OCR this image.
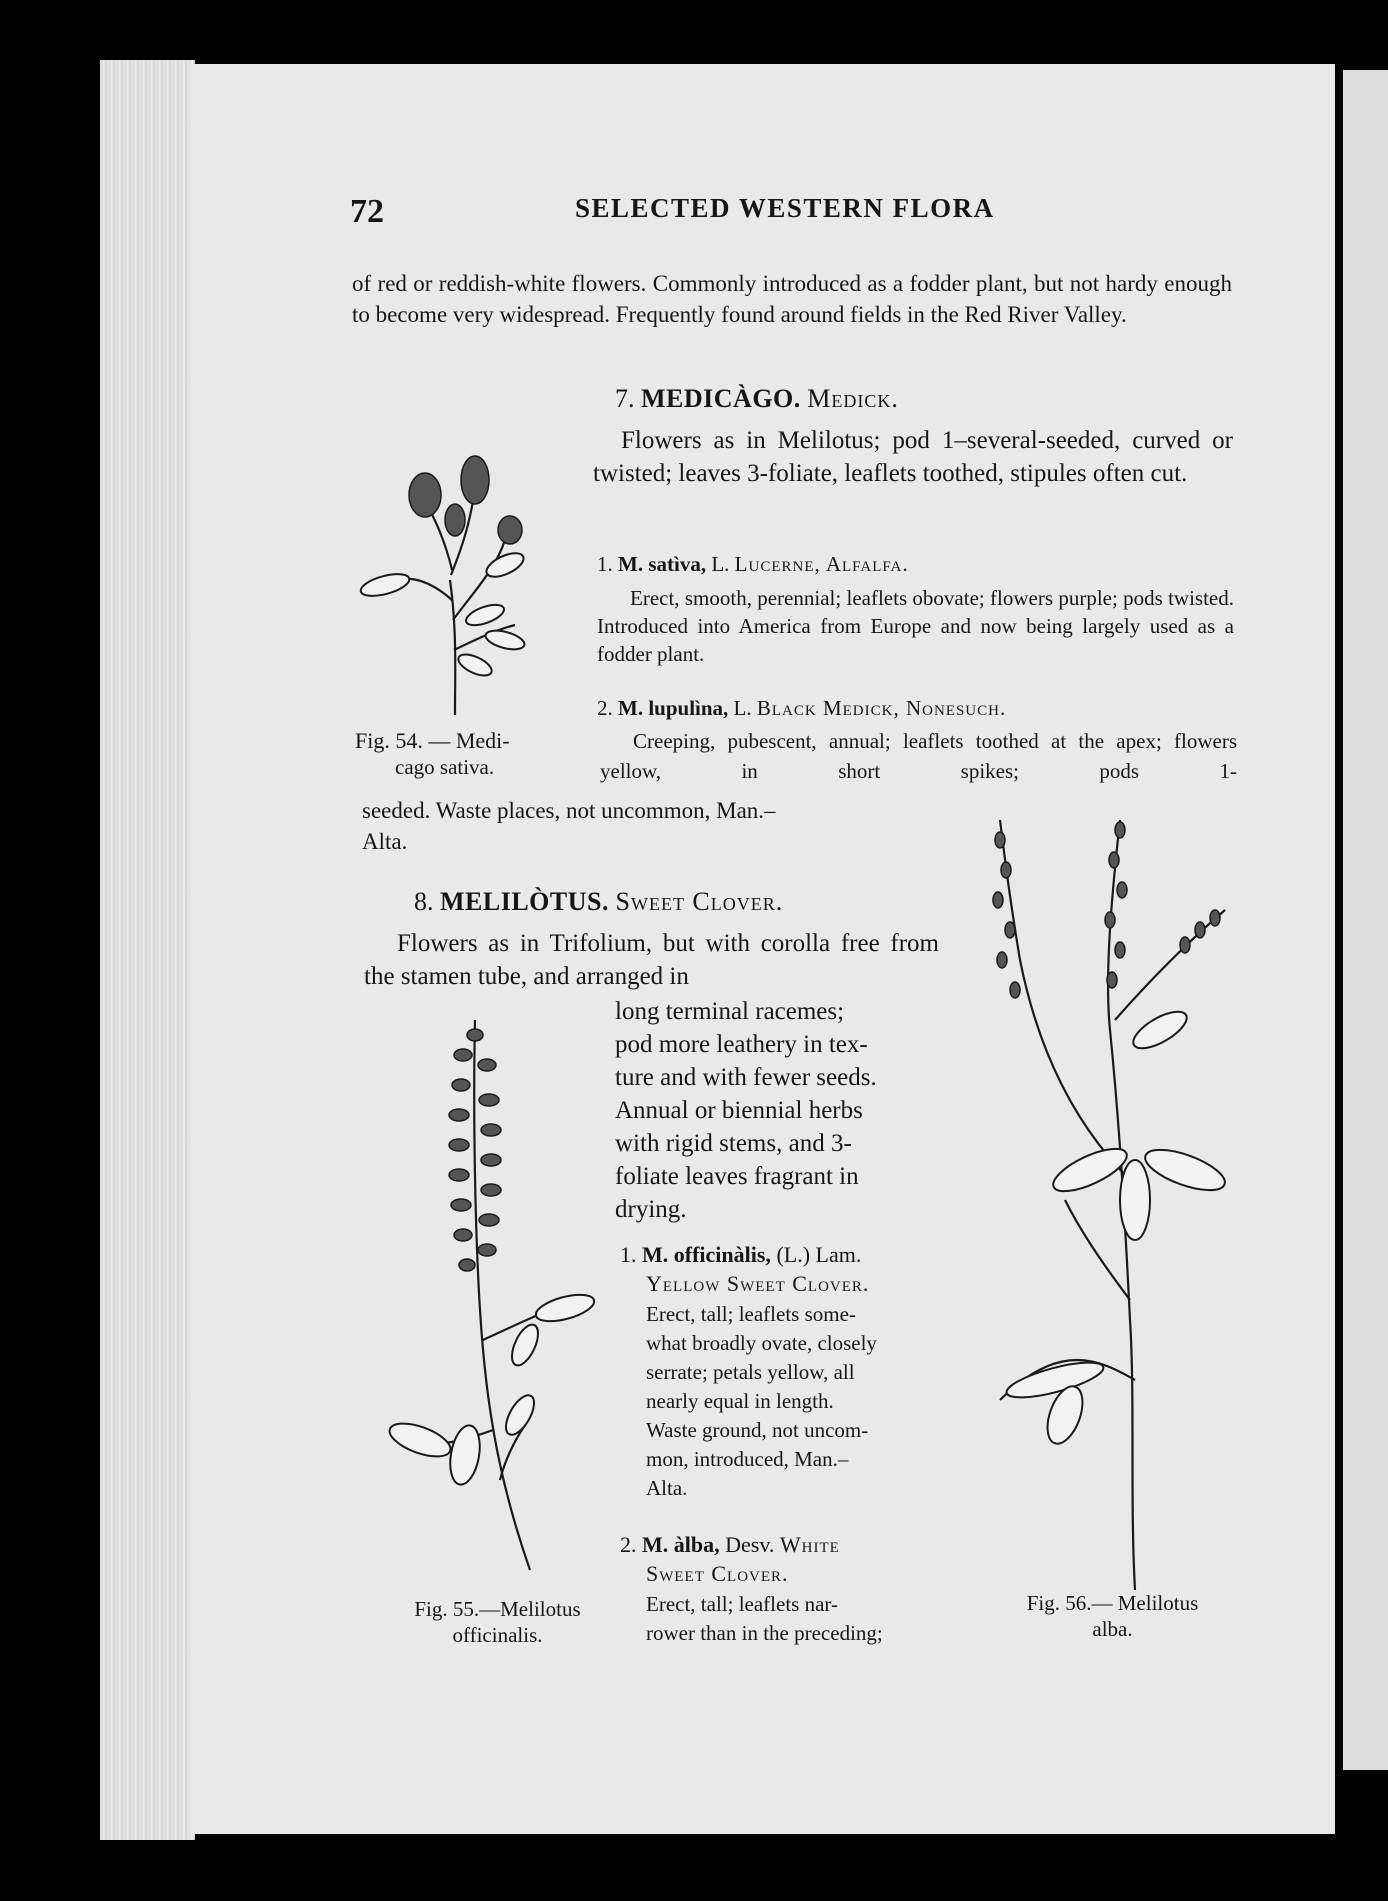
72	SELECTED WESTERN FLORA
of red or reddish-white flowers. Commonly introduced as a fodder plant, but not hardy enough to become very widespread. Frequently found around fields in the Red River Valley.
7. MEDICÀGO. Medick.
Flowers as in Melilotus; pod 1–several-seeded, curved or twisted; leaves 3-foliate, leaflets toothed, stipules often cut.
1. M. satìva, L. Lucerne, Alfalfa.
Erect, smooth, perennial; leaflets obovate; flowers purple; pods twisted. Introduced into America from Europe and now being largely used as a fodder plant.
2. M. lupulìna, L. Black Medick, Nonesuch.
Creeping, pubescent, annual; leaflets toothed at the apex; flowers yellow, in short spikes; pods 1-
seeded. Waste places, not uncommon, Man.–
Alta.
Fig. 54. — Medi-
cago sativa.
8. MELILÒTUS. Sweet Clover.
Flowers as in Trifolium, but with corolla free from the stamen tube, and arranged in
long terminal racemes;
pod more leathery in tex-
ture and with fewer seeds.
Annual or biennial herbs
with rigid stems, and 3-
foliate leaves fragrant in
drying.
1. M. officinàlis, (L.) Lam.
Yellow Sweet Clover.
Erect, tall; leaflets some-
what broadly ovate, closely
serrate; petals yellow, all
nearly equal in length.
Waste ground, not uncom-
mon, introduced, Man.–
Alta.
2. M. àlba, Desv. White
Sweet Clover.
Erect, tall; leaflets nar-
rower than in the preceding;
Fig. 55.—Melilotus
officinalis.
Fig. 56.— Melilotus
alba.
